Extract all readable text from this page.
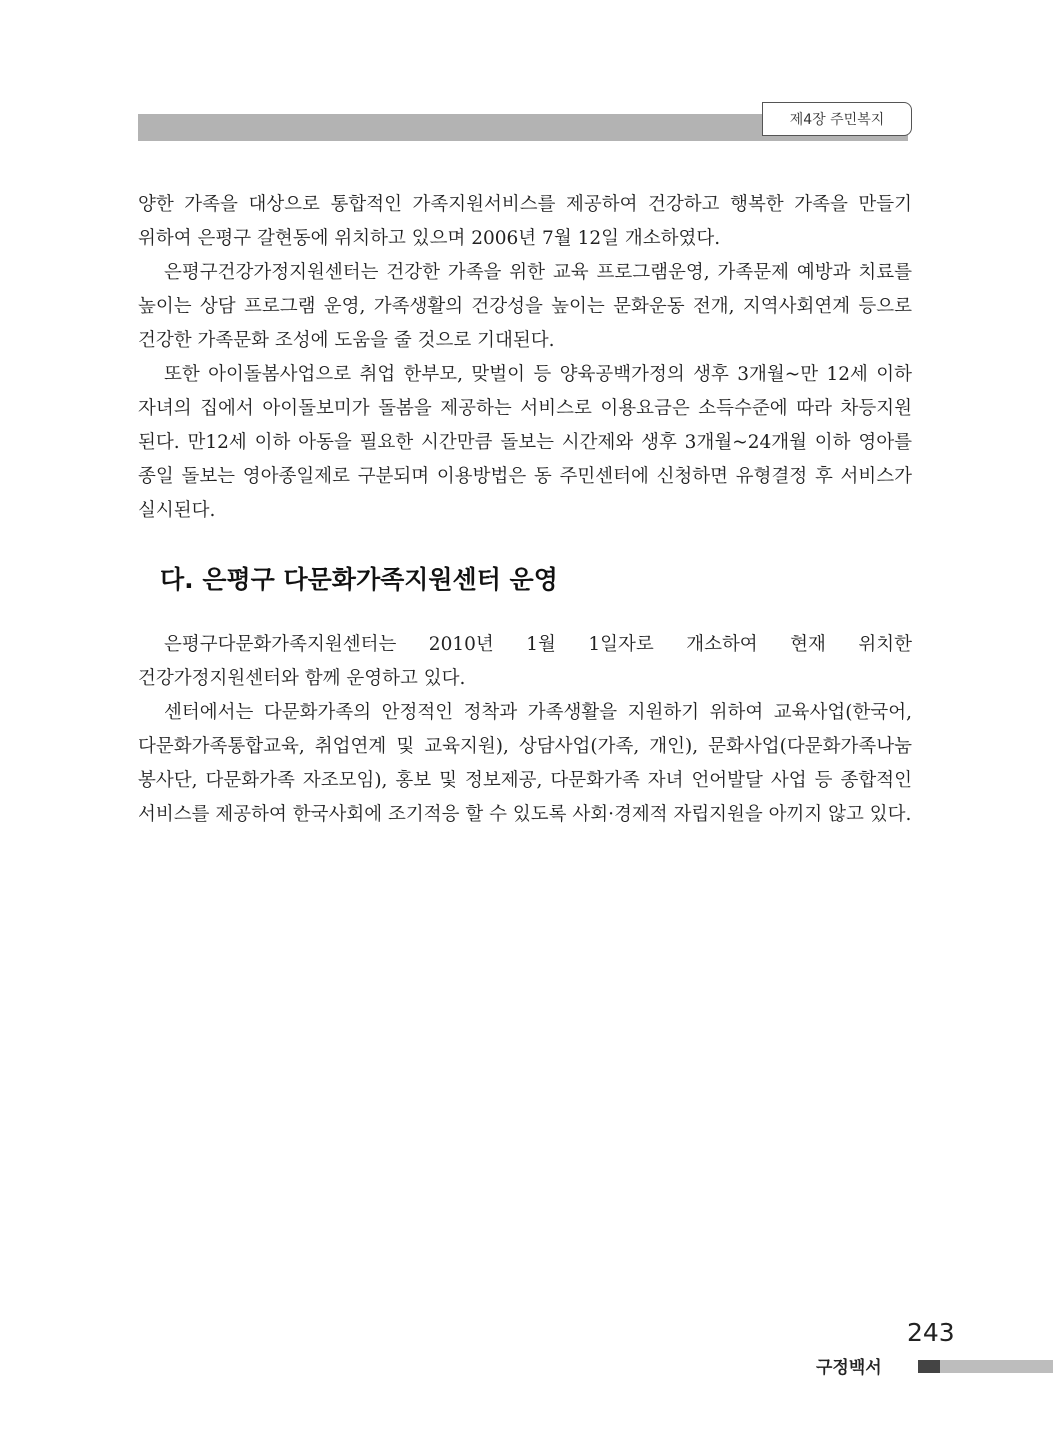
제4장 주민복지

양한 가족을 대상으로 통합적인 가족지원서비스를 제공하여 건강하고 행복한 가족을 만들기 위하여 은평구 갈현동에 위치하고 있으며 2006년 7월 12일 개소하였다.

은평구건강가정지원센터는 건강한 가족을 위한 교육 프로그램운영, 가족문제 예방과 치료를 높이는 상담 프로그램 운영, 가족생활의 건강성을 높이는 문화운동 전개, 지역사회연계 등으로 건강한 가족문화 조성에 도움을 줄 것으로 기대된다.

또한 아이돌봄사업으로 취업 한부모, 맞벌이 등 양육공백가정의 생후 3개월~만 12세 이하 자녀의 집에서 아이돌보미가 돌봄을 제공하는 서비스로 이용요금은 소득수준에 따라 차등지원 된다. 만12세 이하 아동을 필요한 시간만큼 돌보는 시간제와 생후 3개월~24개월 이하 영아를 종일 돌보는 영아종일제로 구분되며 이용방법은 동 주민센터에 신청하면 유형결정 후 서비스가 실시된다.

다. 은평구 다문화가족지원센터 운영

은평구다문화가족지원센터는 2010년 1월 1일자로 개소하여 현재 위치한 건강가정지원센터와 함께 운영하고 있다.

센터에서는 다문화가족의 안정적인 정착과 가족생활을 지원하기 위하여 교육사업(한국어, 다문화가족통합교육, 취업연계 및 교육지원), 상담사업(가족, 개인), 문화사업(다문화가족나눔 봉사단, 다문화가족 자조모임), 홍보 및 정보제공, 다문화가족 자녀 언어발달 사업 등 종합적인 서비스를 제공하여 한국사회에 조기적응 할 수 있도록 사회·경제적 자립지원을 아끼지 않고 있다.

243
구정백서
